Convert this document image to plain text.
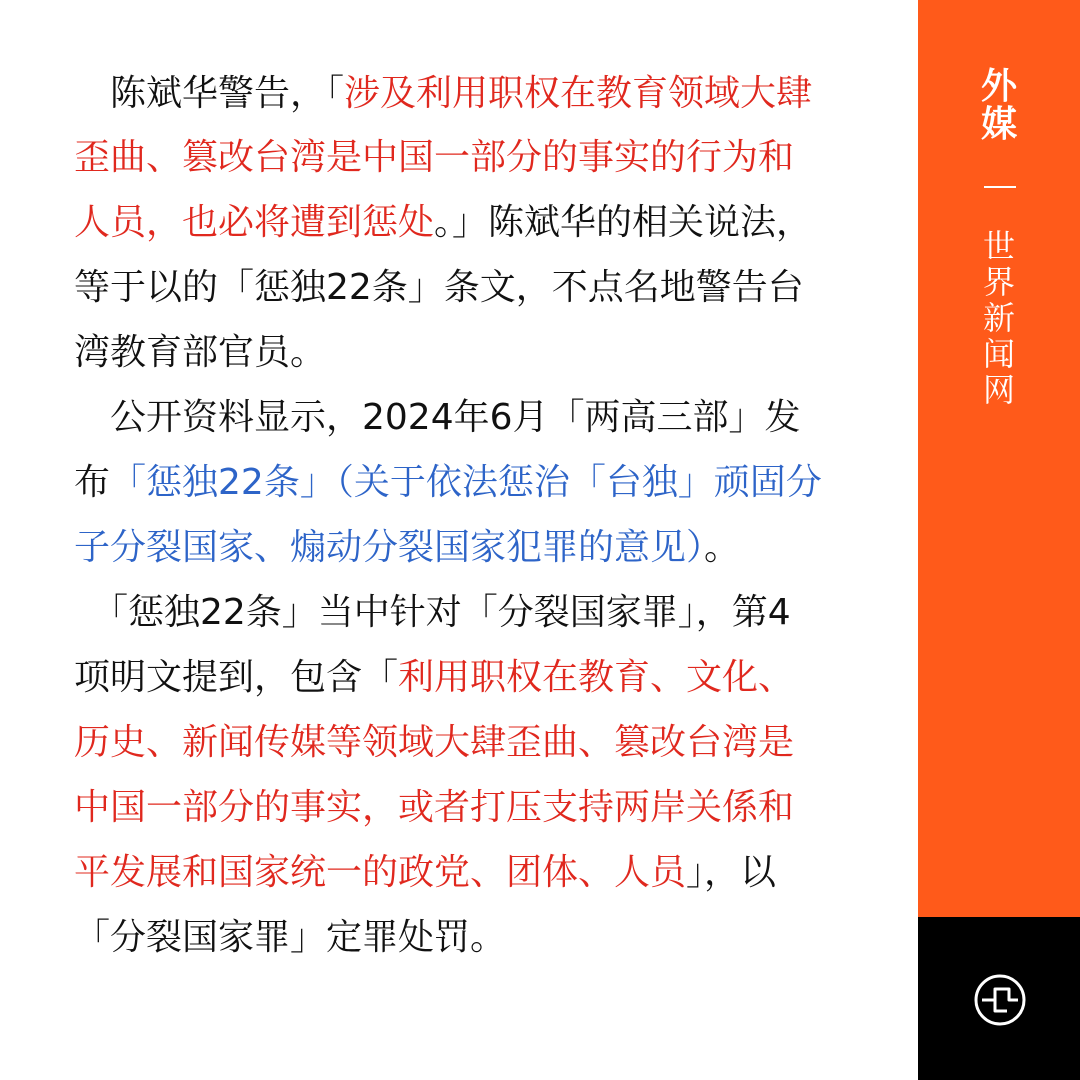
　陈斌华警告，「涉及利用职权在教育领域大肆
歪曲、篡改台湾是中国一部分的事实的行为和
人员，也必将遭到惩处。」陈斌华的相关说法，
等于以的「惩独22条」条文，不点名地警告台
湾教育部官员。
　公开资料显示，2024年6月「两高三部」发
布「惩独22条」（关于依法惩治「台独」顽固分
子分裂国家、煽动分裂国家犯罪的意见）。
　「惩独22条」当中针对「分裂国家罪」，第4
项明文提到，包含「利用职权在教育、文化、
历史、新闻传媒等领域大肆歪曲、篡改台湾是
中国一部分的事实，或者打压支持两岸关係和
平发展和国家统一的政党、团体、人员」，以
「分裂国家罪」定罪处罚。
外
媒
世
界
新
闻
网
